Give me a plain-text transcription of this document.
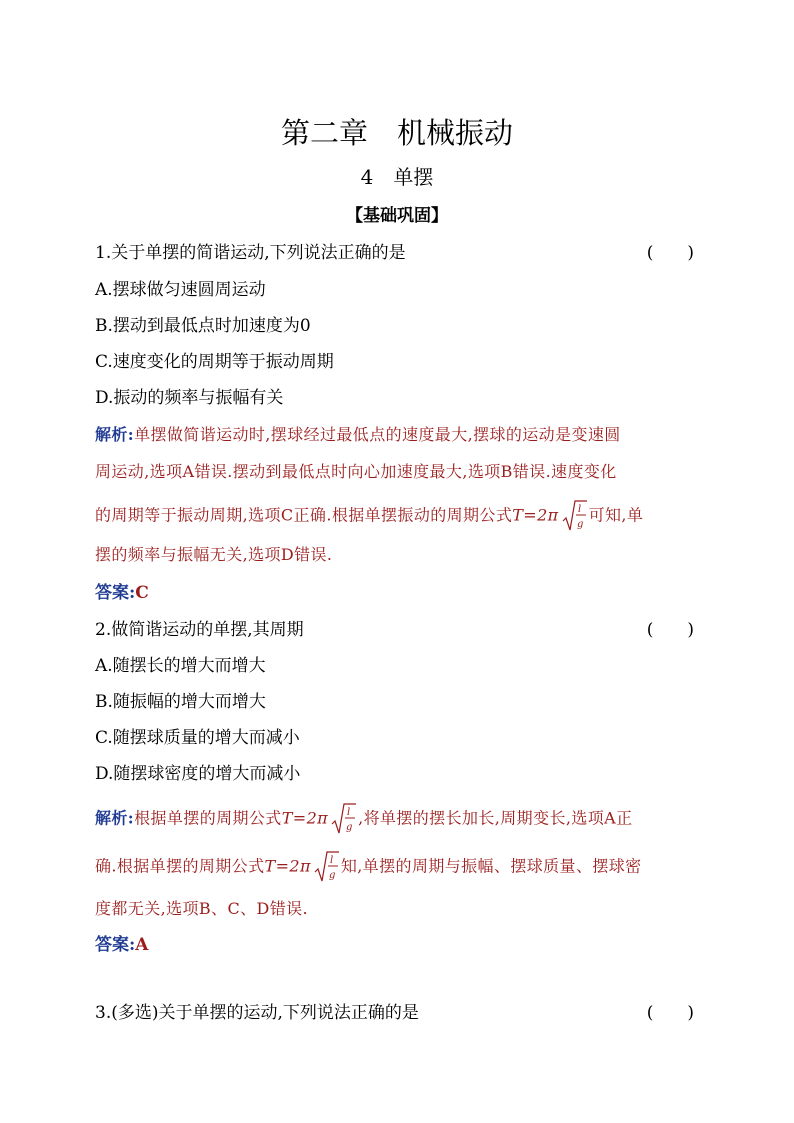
第二章　机械振动
4　单摆
【基础巩固】
1.关于单摆的简谐运动,下列说法正确的是	(　　)
A.摆球做匀速圆周运动
B.摆动到最低点时加速度为0
C.速度变化的周期等于振动周期
D.振动的频率与振幅有关
解析:单摆做简谐运动时,摆球经过最低点的速度最大,摆球的运动是变速圆
周运动,选项A错误.摆动到最低点时向心加速度最大,选项B错误.速度变化
的周期等于振动周期,选项C正确.根据单摆振动的周期公式T=2π l
g 可知,单
摆的频率与振幅无关,选项D错误.
答案:C
2.做简谐运动的单摆,其周期	(　　)
A.随摆长的增大而增大
B.随振幅的增大而增大
C.随摆球质量的增大而减小
D.随摆球密度的增大而减小
解析:根据单摆的周期公式T=2π l
g ,将单摆的摆长加长,周期变长,选项A正
确.根据单摆的周期公式T=2π l
g 知,单摆的周期与振幅、摆球质量、摆球密
度都无关,选项B、C、D错误.
答案:A
3.(多选)关于单摆的运动,下列说法正确的是	(　　)
